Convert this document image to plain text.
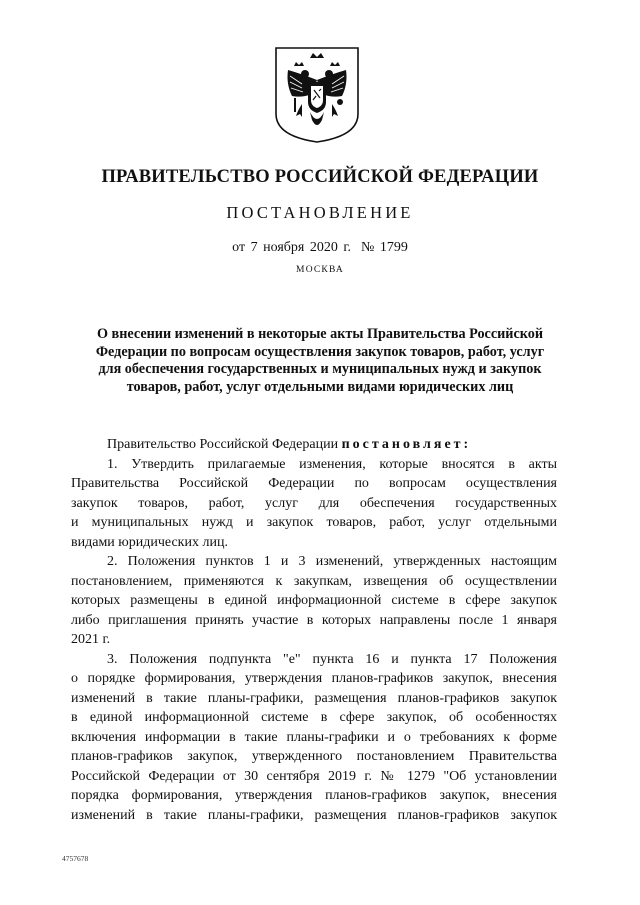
ПРАВИТЕЛЬСТВО РОССИЙСКОЙ ФЕДЕРАЦИИ
ПОСТАНОВЛЕНИЕ
от 7 ноября 2020 г. № 1799
МОСКВА
О внесении изменений в некоторые акты Правительства Российской
Федерации по вопросам осуществления закупок товаров, работ, услуг
для обеспечения государственных и муниципальных нужд и закупок
товаров, работ, услуг отдельными видами юридических лиц
Правительство Российской Федерации постановляет:
1. Утвердить прилагаемые изменения, которые вносятся в акты
Правительства Российской Федерации по вопросам осуществления
закупок товаров, работ, услуг для обеспечения государственных
и муниципальных нужд и закупок товаров, работ, услуг отдельными
видами юридических лиц.
2. Положения пунктов 1 и 3 изменений, утвержденных настоящим
постановлением, применяются к закупкам, извещения об осуществлении
которых размещены в единой информационной системе в сфере закупок
либо приглашения принять участие в которых направлены после 1 января
2021 г.
3. Положения подпункта "е" пункта 16 и пункта 17 Положения
о порядке формирования, утверждения планов-графиков закупок, внесения
изменений в такие планы-графики, размещения планов-графиков закупок
в единой информационной системе в сфере закупок, об особенностях
включения информации в такие планы-графики и о требованиях к форме
планов-графиков закупок, утвержденного постановлением Правительства
Российской Федерации от 30 сентября 2019 г. № 1279 "Об установлении
порядка формирования, утверждения планов-графиков закупок, внесения
изменений в такие планы-графики, размещения планов-графиков закупок
4757678
